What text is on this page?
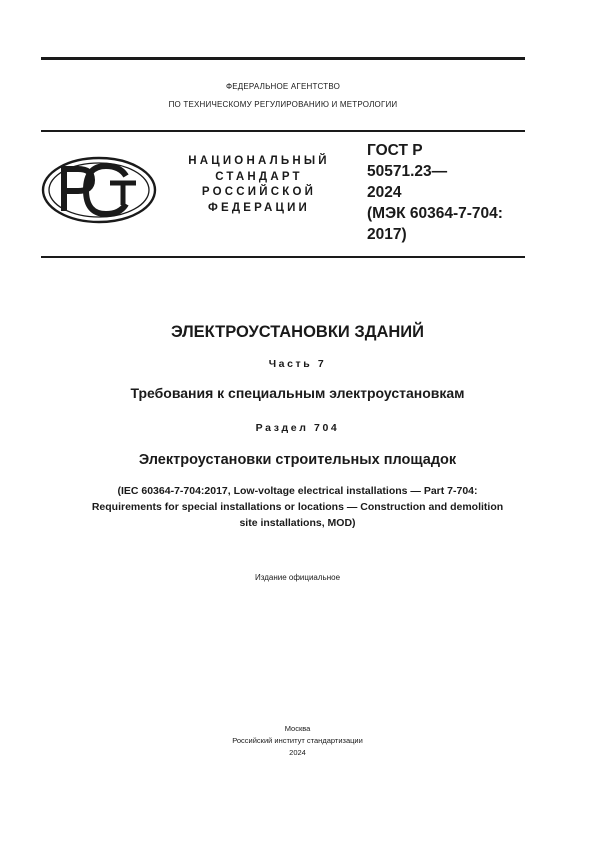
ФЕДЕРАЛЬНОЕ АГЕНТСТВО
ПО ТЕХНИЧЕСКОМУ РЕГУЛИРОВАНИЮ И МЕТРОЛОГИИ
НАЦИОНАЛЬНЫЙ
СТАНДАРТ
РОССИЙСКОЙ
ФЕДЕРАЦИИ
ГОСТ Р
50571.23—
2024
(МЭК 60364-7-704:
2017)
ЭЛЕКТРОУСТАНОВКИ ЗДАНИЙ
Часть 7
Требования к специальным электроустановкам
Раздел 704
Электроустановки строительных площадок
(IEC 60364-7-704:2017, Low-voltage electrical installations — Part 7-704:
Requirements for special installations or locations — Construction and demolition
site installations, MOD)
Издание официальное
Москва
Российский институт стандартизации
2024
